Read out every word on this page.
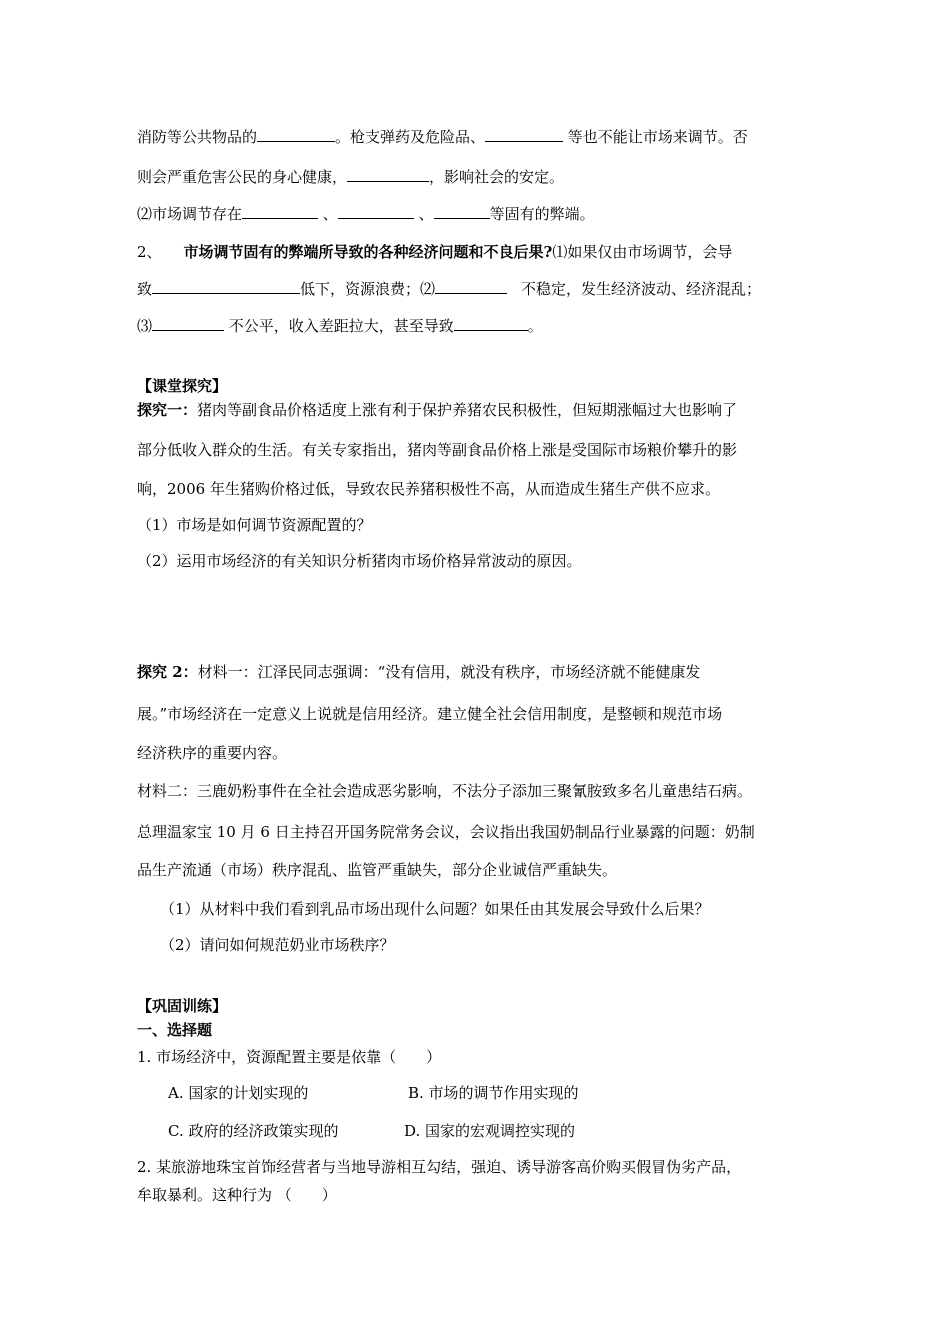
消防等公共物品的	。枪支弹药及危险品、	等也不能让市场来调节。否
则会严重危害公民的身心健康，	，影响社会的安定。
⑵市场调节存在	、	、	等固有的弊端。
2、 市场调节固有的弊端所导致的各种经济问题和不良后果?⑴如果仅由市场调节，会导
致	低下，资源浪费；⑵	不稳定，发生经济波动、经济混乱；
⑶	不公平，收入差距拉大，甚至导致	。
【课堂探究】
探究一：猪肉等副食品价格适度上涨有利于保护养猪农民积极性，但短期涨幅过大也影响了
部分低收入群众的生活。有关专家指出，猪肉等副食品价格上涨是受国际市场粮价攀升的影
响，2006 年生猪购价格过低，导致农民养猪积极性不高，从而造成生猪生产供不应求。
（1）市场是如何调节资源配置的？
（2）运用市场经济的有关知识分析猪肉市场价格异常波动的原因。
探究 2：材料一：江泽民同志强调：“没有信用，就没有秩序，市场经济就不能健康发
展。”市场经济在一定意义上说就是信用经济。建立健全社会信用制度，是整顿和规范市场
经济秩序的重要内容。
材料二：三鹿奶粉事件在全社会造成恶劣影响，不法分子添加三聚氰胺致多名儿童患结石病。
总理温家宝 10 月 6 日主持召开国务院常务会议，会议指出我国奶制品行业暴露的问题：奶制
品生产流通（市场）秩序混乱、监管严重缺失，部分企业诚信严重缺失。
（1）从材料中我们看到乳品市场出现什么问题？如果任由其发展会导致什么后果？
（2）请问如何规范奶业市场秩序？
【巩固训练】
一、选择题
1. 市场经济中，资源配置主要是依靠（　　）
A. 国家的计划实现的	B. 市场的调节作用实现的
C. 政府的经济政策实现的	D. 国家的宏观调控实现的
2. 某旅游地珠宝首饰经营者与当地导游相互勾结，强迫、诱导游客高价购买假冒伪劣产品，
牟取暴利。这种行为 （　　）
